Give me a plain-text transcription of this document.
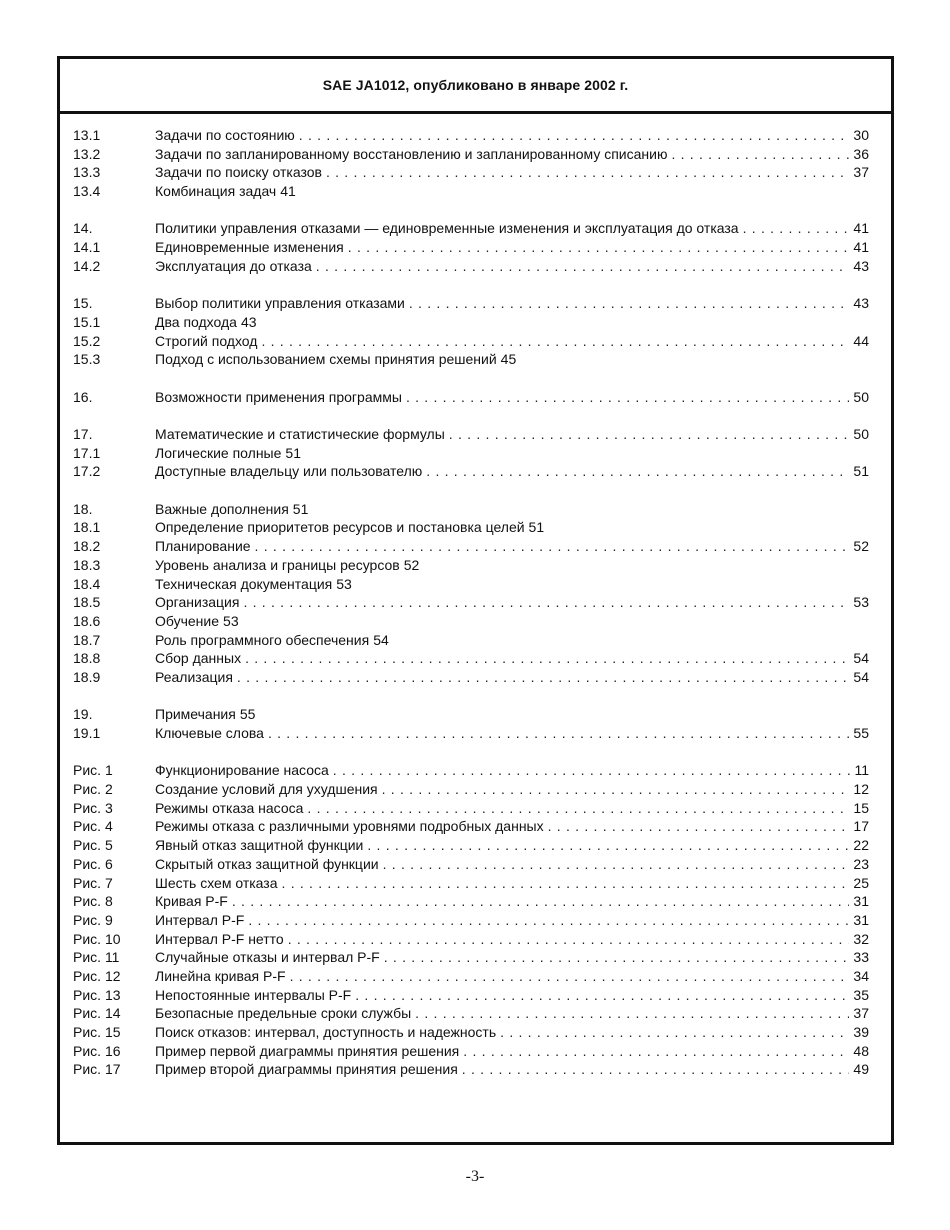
SAE JA1012, опубликовано в январе 2002 г.
13.1	Задачи по состоянию . . .	30
13.2	Задачи по запланированному восстановлению и запланированному списанию . . .	36
13.3	Задачи по поиску отказов . . .	37
13.4	Комбинация задач 41
14.	Политики управления отказами — единовременные изменения и эксплуатация до отказа . . .	41
14.1	Единовременные изменения . . .	41
14.2	Эксплуатация до отказа . . .	43
15.	Выбор политики управления отказами . . .	43
15.1	Два подхода 43
15.2	Строгий подход . . .	44
15.3	Подход с использованием схемы принятия решений 45
16.	Возможности применения программы . . .	50
17.	Математические и статистические формулы . . .	50
17.1	Логические полные 51
17.2	Доступные владельцу или пользователю . . .	51
18.	Важные дополнения 51
18.1	Определение приоритетов ресурсов и постановка целей 51
18.2	Планирование . . .	52
18.3	Уровень анализа и границы ресурсов 52
18.4	Техническая документация 53
18.5	Организация . . .	53
18.6	Обучение 53
18.7	Роль программного обеспечения 54
18.8	Сбор данных . . .	54
18.9	Реализация . . .	54
19.	Примечания 55
19.1	Ключевые слова . . .	55
Рис. 1	Функционирование насоса . . .	11
Рис. 2	Создание условий для ухудшения . . .	12
Рис. 3	Режимы отказа насоса . . .	15
Рис. 4	Режимы отказа с различными уровнями подробных данных . . .	17
Рис. 5	Явный отказ защитной функции . . .	22
Рис. 6	Скрытый отказ защитной функции . . .	23
Рис. 7	Шесть схем отказа . . .	25
Рис. 8	Кривая P-F . . .	31
Рис. 9	Интервал P-F . . .	31
Рис. 10	Интервал P-F нетто . . .	32
Рис. 11	Случайные отказы и интервал P-F . . .	33
Рис. 12	Линейна кривая P-F . . .	34
Рис. 13	Непостоянные интервалы P-F . . .	35
Рис. 14	Безопасные предельные сроки службы . . .	37
Рис. 15	Поиск отказов: интервал, доступность и надежность . . .	39
Рис. 16	Пример первой диаграммы принятия решения . . .	48
Рис. 17	Пример второй диаграммы принятия решения . . .	49
-3-
